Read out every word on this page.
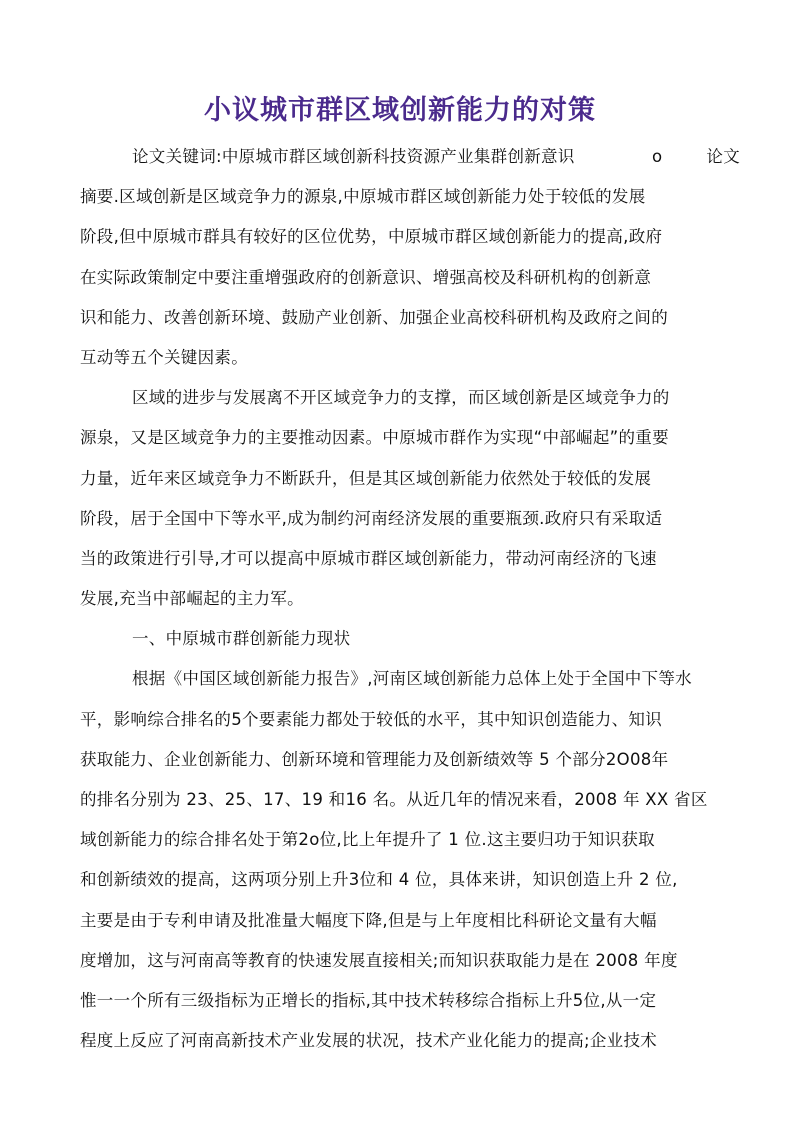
小议城市群区域创新能力的对策
论文关键词:中原城市群区域创新科技资源产业集群创新意识	o	论文
摘要.区域创新是区域竞争力的源泉,中原城市群区域创新能力处于较低的发展
阶段,但中原城市群具有较好的区位优势，中原城市群区域创新能力的提高,政府
在实际政策制定中要注重增强政府的创新意识、增强高校及科研机构的创新意
识和能力、改善创新环境、鼓励产业创新、加强企业高校科研机构及政府之间的
互动等五个关键因素。
区域的进步与发展离不开区域竞争力的支撑，而区域创新是区域竞争力的
源泉，又是区域竞争力的主要推动因素。中原城市群作为实现“中部崛起”的重要
力量，近年来区域竞争力不断跃升，但是其区域创新能力依然处于较低的发展
阶段，居于全国中下等水平,成为制约河南经济发展的重要瓶颈.政府只有采取适
当的政策进行引导,才可以提高中原城市群区域创新能力，带动河南经济的飞速
发展,充当中部崛起的主力军。
一、中原城市群创新能力现状
根据《中国区域创新能力报告》,河南区域创新能力总体上处于全国中下等水
平，影响综合排名的5个要素能力都处于较低的水平，其中知识创造能力、知识
获取能力、企业创新能力、创新环境和管理能力及创新绩效等 5 个部分2O08年
的排名分别为 23、25、17、19 和16 名。从近几年的情况来看，2008 年 XX 省区
域创新能力的综合排名处于第2o位,比上年提升了 1 位.这主要归功于知识获取
和创新绩效的提高，这两项分别上升3位和 4 位，具体来讲，知识创造上升 2 位,
主要是由于专利申请及批准量大幅度下降,但是与上年度相比科研论文量有大幅
度增加，这与河南高等教育的快速发展直接相关;而知识获取能力是在 2008 年度
惟一一个所有三级指标为正增长的指标,其中技术转移综合指标上升5位,从一定
程度上反应了河南高新技术产业发展的状况，技术产业化能力的提高;企业技术
